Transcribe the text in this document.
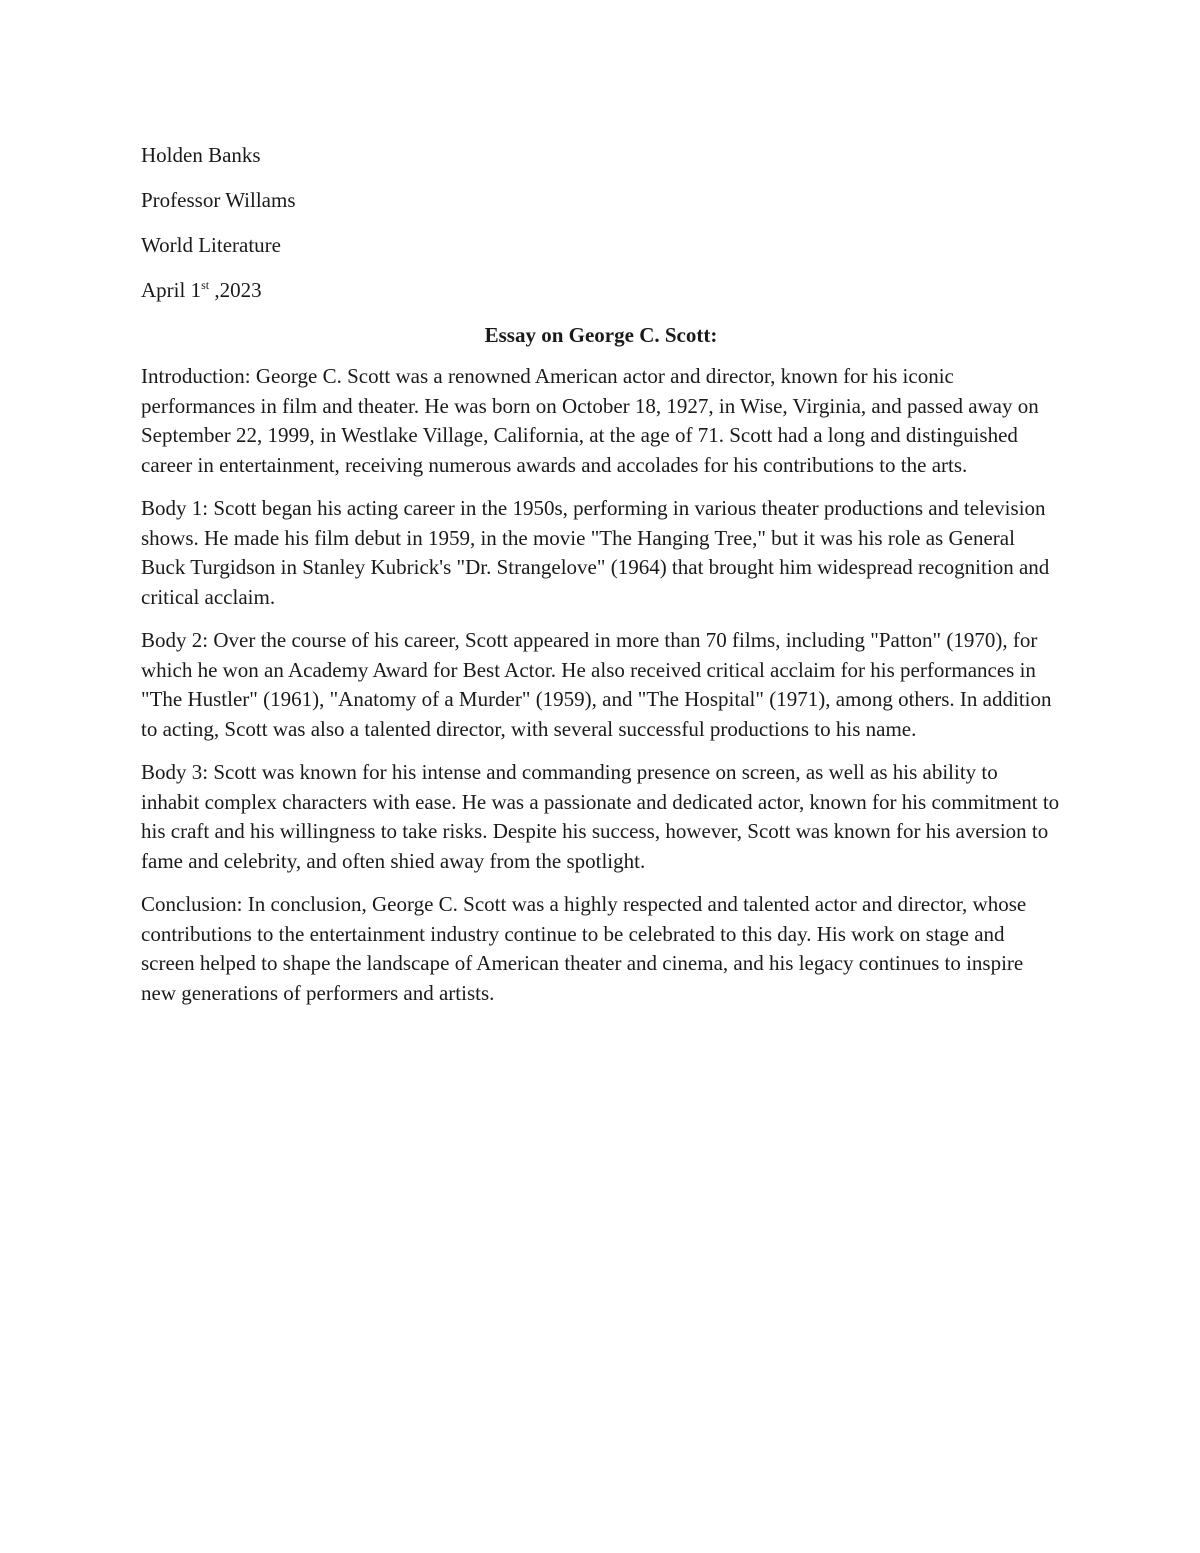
Holden Banks
Professor Willams
World Literature
April 1st ,2023
Essay on George C. Scott:

Introduction: George C. Scott was a renowned American actor and director, known for his iconic performances in film and theater. He was born on October 18, 1927, in Wise, Virginia, and passed away on September 22, 1999, in Westlake Village, California, at the age of 71. Scott had a long and distinguished career in entertainment, receiving numerous awards and accolades for his contributions to the arts.

Body 1: Scott began his acting career in the 1950s, performing in various theater productions and television shows. He made his film debut in 1959, in the movie "The Hanging Tree," but it was his role as General Buck Turgidson in Stanley Kubrick's "Dr. Strangelove" (1964) that brought him widespread recognition and critical acclaim.

Body 2: Over the course of his career, Scott appeared in more than 70 films, including "Patton" (1970), for which he won an Academy Award for Best Actor. He also received critical acclaim for his performances in "The Hustler" (1961), "Anatomy of a Murder" (1959), and "The Hospital" (1971), among others. In addition to acting, Scott was also a talented director, with several successful productions to his name.

Body 3: Scott was known for his intense and commanding presence on screen, as well as his ability to inhabit complex characters with ease. He was a passionate and dedicated actor, known for his commitment to his craft and his willingness to take risks. Despite his success, however, Scott was known for his aversion to fame and celebrity, and often shied away from the spotlight.

Conclusion: In conclusion, George C. Scott was a highly respected and talented actor and director, whose contributions to the entertainment industry continue to be celebrated to this day. His work on stage and screen helped to shape the landscape of American theater and cinema, and his legacy continues to inspire new generations of performers and artists.
